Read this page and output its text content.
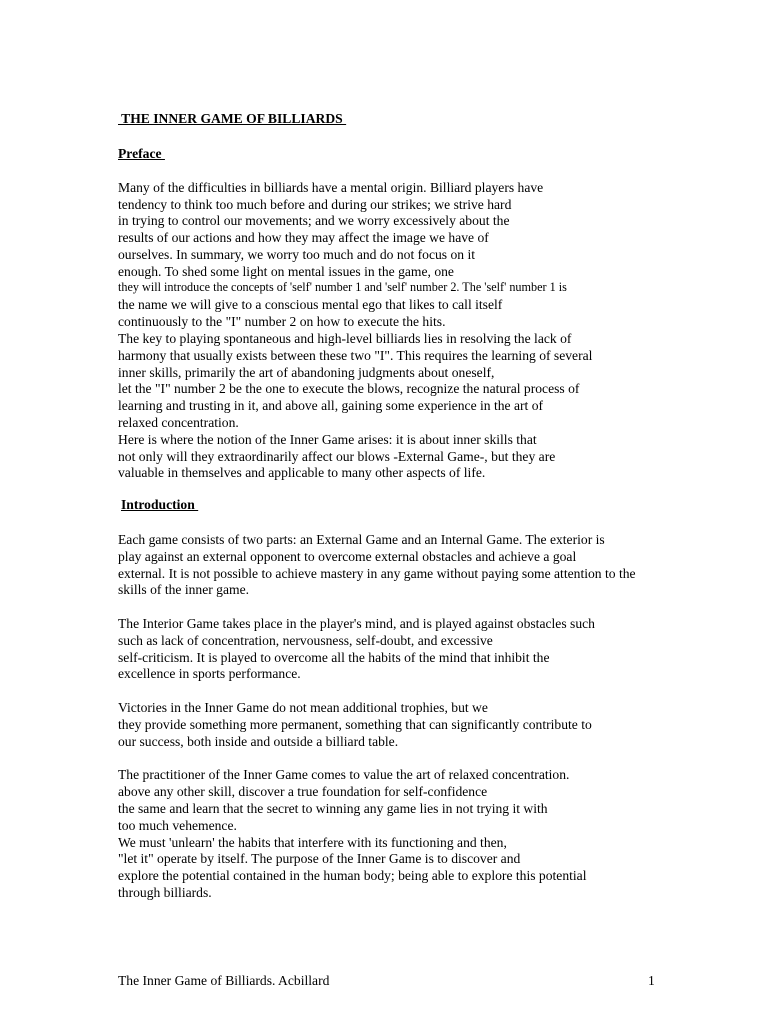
THE INNER GAME OF BILLIARDS
Preface
Many of the difficulties in billiards have a mental origin. Billiard players have
tendency to think too much before and during our strikes; we strive hard
in trying to control our movements; and we worry excessively about the
results of our actions and how they may affect the image we have of
ourselves. In summary, we worry too much and do not focus on it
enough. To shed some light on mental issues in the game, one
they will introduce the concepts of 'self' number 1 and 'self' number 2. The 'self' number 1 is
the name we will give to a conscious mental ego that likes to call itself
continuously to the "I" number 2 on how to execute the hits.
The key to playing spontaneous and high-level billiards lies in resolving the lack of
harmony that usually exists between these two "I". This requires the learning of several
inner skills, primarily the art of abandoning judgments about oneself,
let the "I" number 2 be the one to execute the blows, recognize the natural process of
learning and trusting in it, and above all, gaining some experience in the art of
relaxed concentration.
Here is where the notion of the Inner Game arises: it is about inner skills that
not only will they extraordinarily affect our blows -External Game-, but they are
valuable in themselves and applicable to many other aspects of life.
Introduction
Each game consists of two parts: an External Game and an Internal Game. The exterior is
play against an external opponent to overcome external obstacles and achieve a goal
external. It is not possible to achieve mastery in any game without paying some attention to the
skills of the inner game.
The Interior Game takes place in the player's mind, and is played against obstacles such
such as lack of concentration, nervousness, self-doubt, and excessive
self-criticism. It is played to overcome all the habits of the mind that inhibit the
excellence in sports performance.
Victories in the Inner Game do not mean additional trophies, but we
they provide something more permanent, something that can significantly contribute to
our success, both inside and outside a billiard table.
The practitioner of the Inner Game comes to value the art of relaxed concentration.
above any other skill, discover a true foundation for self-confidence
the same and learn that the secret to winning any game lies in not trying it with
too much vehemence.
We must 'unlearn' the habits that interfere with its functioning and then,
"let it" operate by itself. The purpose of the Inner Game is to discover and
explore the potential contained in the human body; being able to explore this potential
through billiards.
The Inner Game of Billiards. Acbillard	1
